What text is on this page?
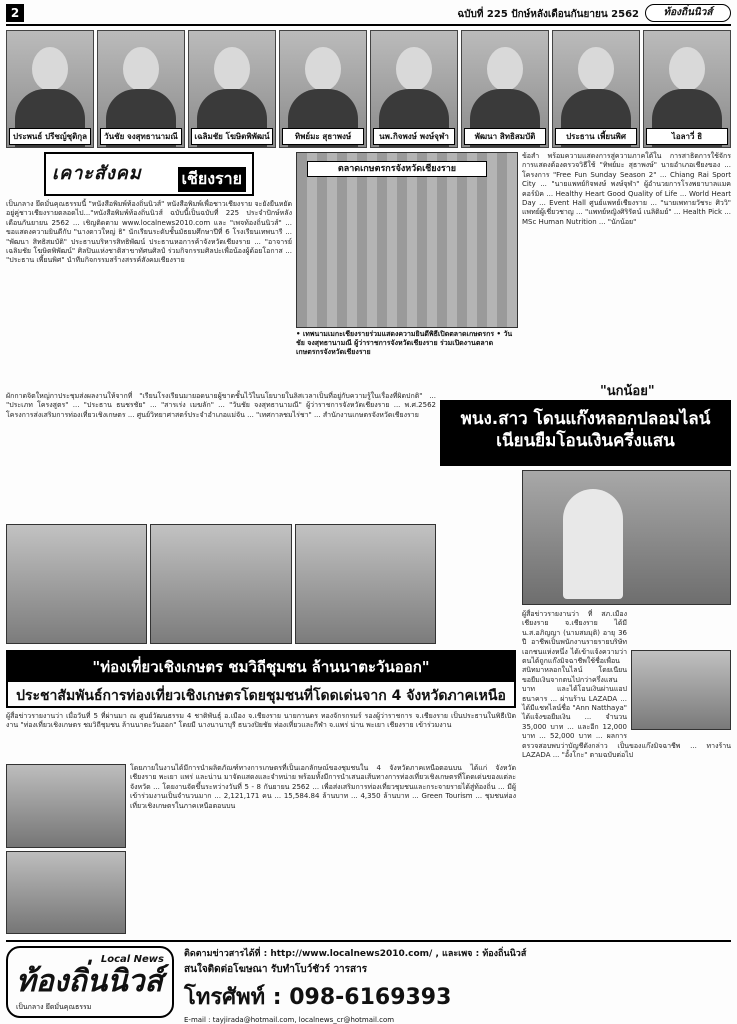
2	ฉบับที่ 225 ปักษ์หลังเดือนกันยายน 2562	ท้องถิ่นนิวส์
ประพนธ์ ปรีชญ์ชุติกุล	วันชัย จงสุทธานามณี	เฉลิมชัย โฆษิตพิพัฒน์	ทิพย์มะ สุธาพงษ์	นพ.กิจพงษ์ พงษ์จุฬา	พัฒนา สิทธิสมบัติ	ประธาน เพี้ยนพิศ	ไอลาวี่ ธิ
เคาะสังคม เชียงราย
เป็นกลาง ยึดมั่นคุณธรรมนี้ "หนังสือพิมพ์ท้องถิ่นนิวส์" หนังสือพิมพ์เพื่อชาวเชียงราย จะยังยืนหยัดอยู่คู่ชาวเชียงรายตลอดไป..."หนังสือพิมพ์ท้องถิ่นนิวส์ ฉบับนี้เป็นฉบับที่ 225 ประจำปักษ์หลังเดือนกันยายน 2562 ... เชิญติดตาม www.localnews2010.com และ "เพจท้องถิ่นนิวส์" ... ขอแสดงความยินดีกับ "นางดาวใหญ่ ธิ" นักเรียนระดับชั้นมัธยมศึกษาปีที่ 6 โรงเรียนเทพนารี ... "พัฒนา สิทธิสมบัติ" ประธานบริหารสิทธิพัฒน์ ประธานหอการค้าจังหวัดเชียงราย ... "อาจารย์เฉลิมชัย โฆษิตพิพัฒน์" ศิลปินแห่งชาติสาขาทัศนศิลป์ ร่วมกิจกรรมศิลปะเพื่อน้องผู้ด้อยโอกาส ... "ประธาน เพี้ยนพิศ" นำทีมกิจกรรมสร้างสรรค์สังคมเชียงราย
ตลาดเกษตรกรจังหวัดเชียงราย
• เทพนามเมกะเชียงรายร่วมแสดงความยินดีพิธีเปิดตลาดเกษตรกร • วันชัย จงสุทธานามณี ผู้ว่าราชการจังหวัดเชียงราย ร่วมเปิดงานตลาดเกษตรกรจังหวัดเชียงราย
ข้อสำ พร้อมความแสดงการสู่ความภาคใต้ใน การสาธิตการใช้จักร การแสดงต้องตรวจวิธีใช้ "ทิพย์มะ สุธาพงษ์" นายอำเภอเชียงของ ... โครงการ "Free Fun Sunday Season 2" ... Chiang Rai Sport City ... "นายแพทย์กิจพงษ์ พงษ์จุฬา" ผู้อำนวยการโรงพยาบาลแมคคอร์มิค ... Healthy Heart Good Quality of Life ... World Heart Day ... Event Hall ศูนย์แพทย์เชียงราย ... "นายเพทายวัชระ ศิววิ" แพทย์ผู้เชี่ยวชาญ ... "แพทย์หญิงศิริรัตน์ เนลิติมย์" ... Health Pick ... MSc Human Nutrition ... "นักน้อย"
"นกน้อย"
ผักกาดจิตใหญ่กาประชุมส่งผลงานให้จากที่ "เรียนโรงเรียนมายอดนายผู้ขาดชั้นไว้ในนโยบายในลิสเวลาเป็นที่อยู่กับความรู้ในเรื่องที่ผิดปกติ" ... "ประเภท โครงสูตร" ... "ประธาน ธนชรชัย" ... "สารเร่ง เมฆลัก" ... "วันชัย จงสุทธานามณี" ผู้ว่าราชการจังหวัดเชียงราย ... พ.ศ.2562 โครงการส่งเสริมการท่องเที่ยวเชิงเกษตร ... ศูนย์วิทยาศาสตร์ประจำอำเภอแม่จัน ... "เทศกาลชมไร่ชา" ... สำนักงานเกษตรจังหวัดเชียงราย	พนง.สาว โดนแก๊งหลอกปลอมไลน์ เนียนยืมโอนเงินครึ่งแสน
"ท่องเที่ยวเชิงเกษตร ชมวิถีชุมชน ล้านนาตะวันออก"
ประชาสัมพันธ์การท่องเที่ยวเชิงเกษตรโดยชุมชนที่โดดเด่นจาก 4 จังหวัดภาคเหนือ
ผู้สื่อข่าวรายงานว่า เมื่อวันที่ 5 ที่ผ่านมา ณ ศูนย์วัฒนธรรม 4 ชาติพันธุ์ อ.เมือง จ.เชียงราย นายกานดร ทองจักรกรมร์ รองผู้ว่าราชการ จ.เชียงราย เป็นประธานในพิธีเปิดงาน "ท่องเที่ยวเชิงเกษตร ชมวิถีชุมชน ล้านนาตะวันออก" โดยมี นางนานาบุรี ธนวงปิยชัย ท่องเที่ยวและกีฬา จ.แพร่ น่าน พะเยา เชียงราย เข้าร่วมงาน
โดยภายในงานได้มีการนำผลิตภัณฑ์ทางการเกษตรที่เป็นเอกลักษณ์ของชุมชนใน 4 จังหวัดภาคเหนือตอนบน ได้แก่ จังหวัดเชียงราย พะเยา แพร่ และน่าน มาจัดแสดงและจำหน่าย พร้อมทั้งมีการนำเสนอเส้นทางการท่องเที่ยวเชิงเกษตรที่โดดเด่นของแต่ละจังหวัด ... โดยงานจัดขึ้นระหว่างวันที่ 5 - 8 กันยายน 2562 ... เพื่อส่งเสริมการท่องเที่ยวชุมชนและกระจายรายได้สู่ท้องถิ่น ... มีผู้เข้าร่วมงานเป็นจำนวนมาก ... 2,121,171 คน ... 15,584.84 ล้านบาท ... 4,350 ล้านบาท ... Green Tourism ... ชุมชนท่องเที่ยวเชิงเกษตรในภาคเหนือตอนบน
ผู้สื่อข่าวรายงานว่า ที่ สภ.เมืองเชียงราย จ.เชียงราย ได้มี น.ส.อภิญญา (นามสมมุติ) อายุ 36 ปี อาชีพเป็นพนักงานรายรายบริษัทเอกชนแห่งหนึ่ง ได้เข้าแจ้งความว่าตนได้ถูกแก๊งมิจฉาชีพใช้ชื่อเพื่อนสนิทมาหลอกในไลน์ โดยเนียนขอยืมเงินจากตนไปกว่าครึ่งแสนบาท และได้โอนเงินผ่านแอปธนาคาร ... ผ่านร้าน LAZADA ... ได้มีแชทไลน์ชื่อ "Ann Natthaya" ได้แจ้งขอยืมเงิน ... จำนวน 35,000 บาท ... และอีก 12,000 บาท ... 52,000 บาท ... ผลการตรวจสอบพบว่าบัญชีดังกล่าว เป็นของแก๊งมิจฉาชีพ ... ทางร้าน LAZADA ... "อั้งโกะ" ตามฉบับต่อไป
ท้องถิ่นนิวส์
Local News
เป็นกลาง ยึดมั่นคุณธรรม
ติดตามข่าวสารได้ที่ : http://www.localnews2010.com/ , และเพจ : ท้องถิ่นนิวส์
สนใจติดต่อโฆษณา รับทำโบว์ชัวร์ วารสาร
โทรศัพท์ : 098-6169393
E-mail : tayjirada@hotmail.com, localnews_cr@hotmail.com
